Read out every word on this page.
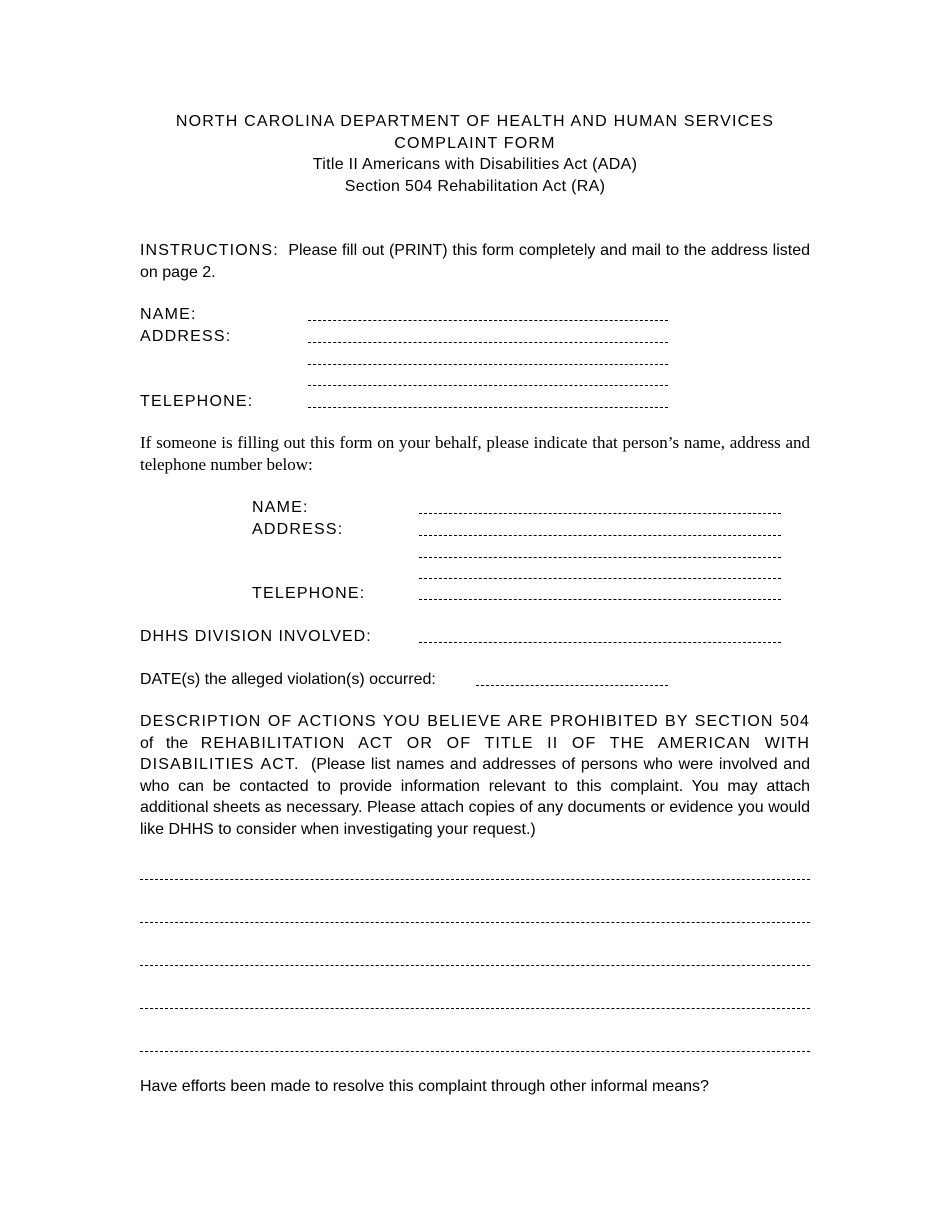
NORTH CAROLINA DEPARTMENT OF HEALTH AND HUMAN SERVICES
COMPLAINT FORM
Title II Americans with Disabilities Act (ADA)
Section 504 Rehabilitation Act (RA)
INSTRUCTIONS: Please fill out (PRINT) this form completely and mail to the address listed on page 2.
NAME:
ADDRESS:
TELEPHONE:
If someone is filling out this form on your behalf, please indicate that person’s name, address and telephone number below:
NAME:
ADDRESS:
TELEPHONE:
DHHS DIVISION INVOLVED:
DATE(s) the alleged violation(s) occurred:
DESCRIPTION OF ACTIONS YOU BELIEVE ARE PROHIBITED BY SECTION 504 of the REHABILITATION ACT OR OF TITLE II OF THE AMERICAN WITH DISABILITIES ACT. (Please list names and addresses of persons who were involved and who can be contacted to provide information relevant to this complaint. You may attach additional sheets as necessary. Please attach copies of any documents or evidence you would like DHHS to consider when investigating your request.)
Have efforts been made to resolve this complaint through other informal means?
